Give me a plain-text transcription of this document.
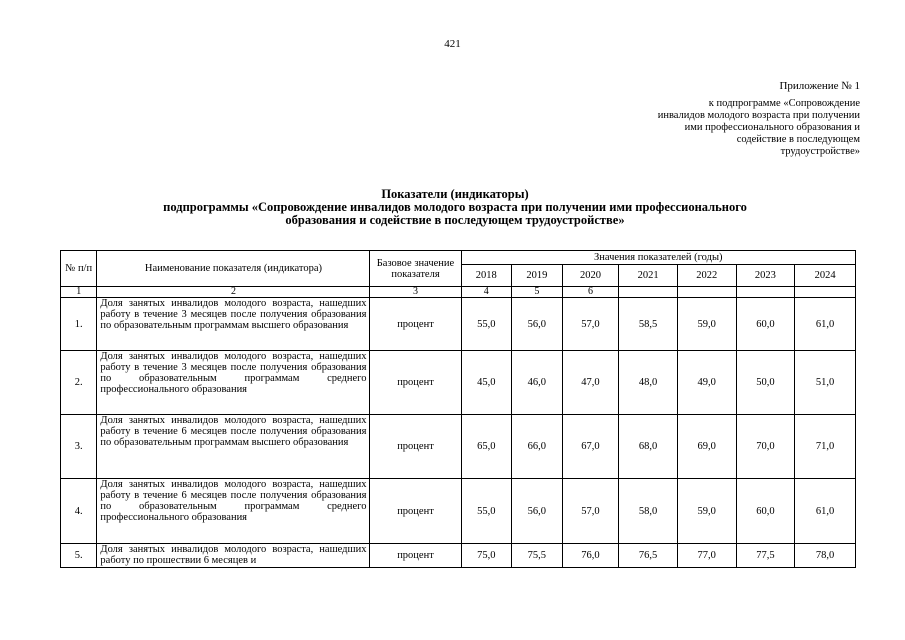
421
Приложение № 1
к подпрограмме «Сопровождение
инвалидов молодого возраста при получении
ими профессионального образования и
содействие в последующем
трудоустройстве»
Показатели (индикаторы)
подпрограммы «Сопровождение инвалидов молодого возраста при получении ими профессионального
образования и содействие в последующем трудоустройстве»
№ п/п	Наименование показателя (индикатора)	Базовое значение показателя	Значения показателей (годы)						
			2018	2019	2020	2021	2022	2023	2024
1	2	3	4	5	6				
1.	Доля занятых инвалидов молодого возраста, нашедших работу в течение 3 месяцев после получения образования по образовательным программам высшего образования	процент	55,0	56,0	57,0	58,5	59,0	60,0	61,0
2.	Доля занятых инвалидов молодого возраста, нашедших работу в течение 3 месяцев после получения образования по образовательным программам среднего профессионального образования	процент	45,0	46,0	47,0	48,0	49,0	50,0	51,0
3.	Доля занятых инвалидов молодого возраста, нашедших работу в течение 6 месяцев после получения образования по образовательным программам высшего образования	процент	65,0	66,0	67,0	68,0	69,0	70,0	71,0
4.	Доля занятых инвалидов молодого возраста, нашедших работу в течение 6 месяцев после получения образования по образовательным программам среднего профессионального образования	процент	55,0	56,0	57,0	58,0	59,0	60,0	61,0
5.	Доля занятых инвалидов молодого возраста, нашедших работу по прошествии 6 месяцев и	процент	75,0	75,5	76,0	76,5	77,0	77,5	78,0
